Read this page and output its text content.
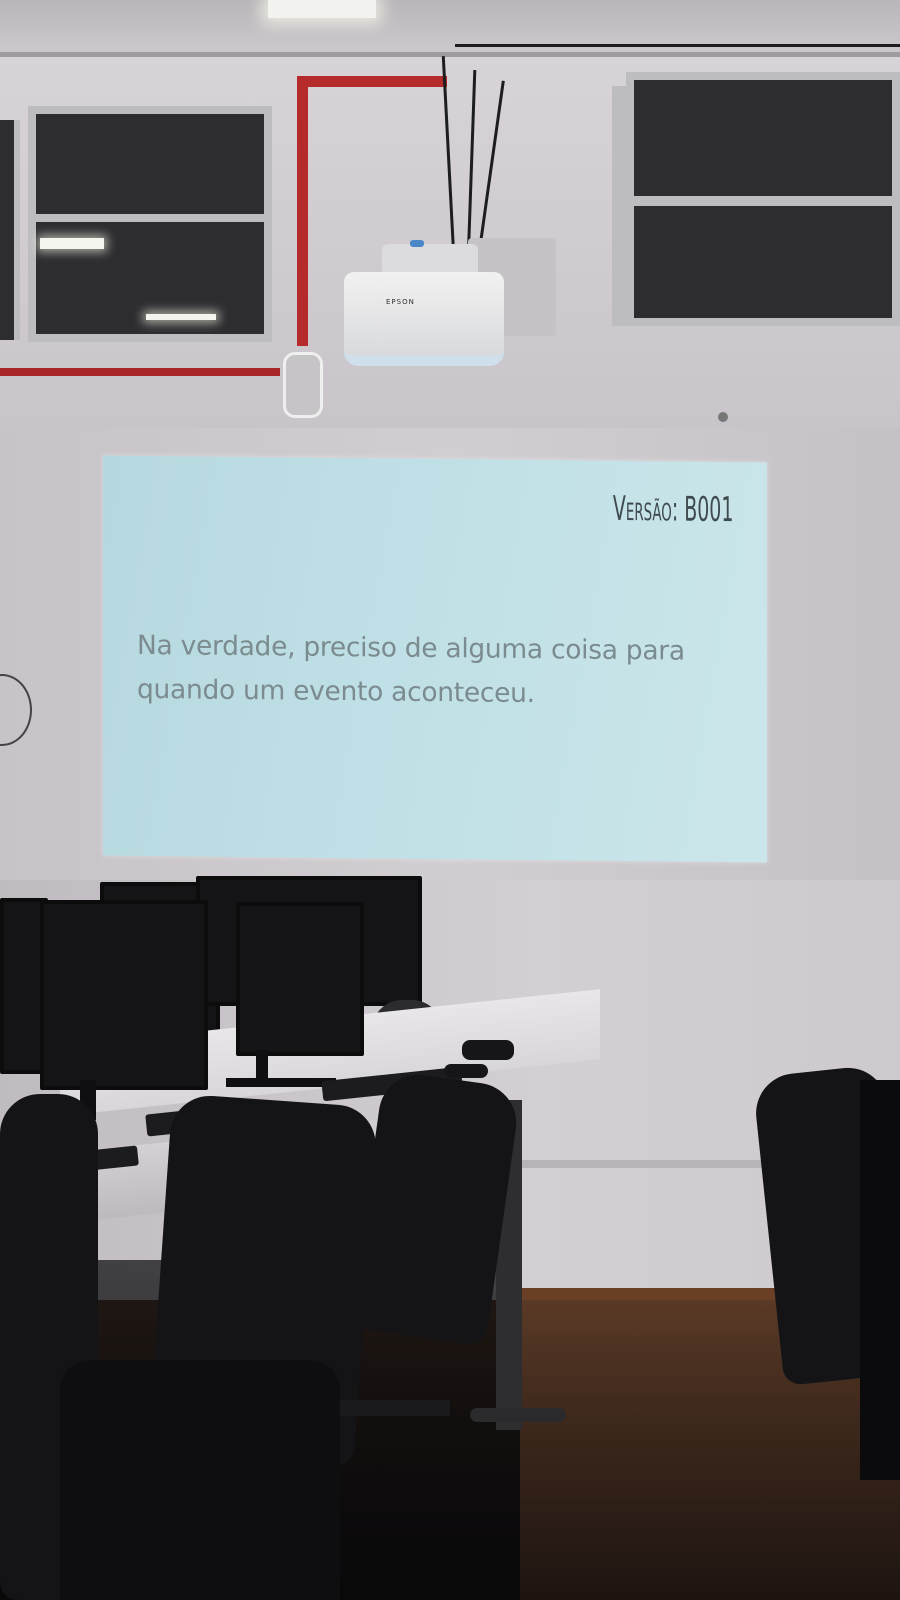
EPSON
Versão: B001
Na verdade, preciso de alguma coisa para quando um evento aconteceu.
